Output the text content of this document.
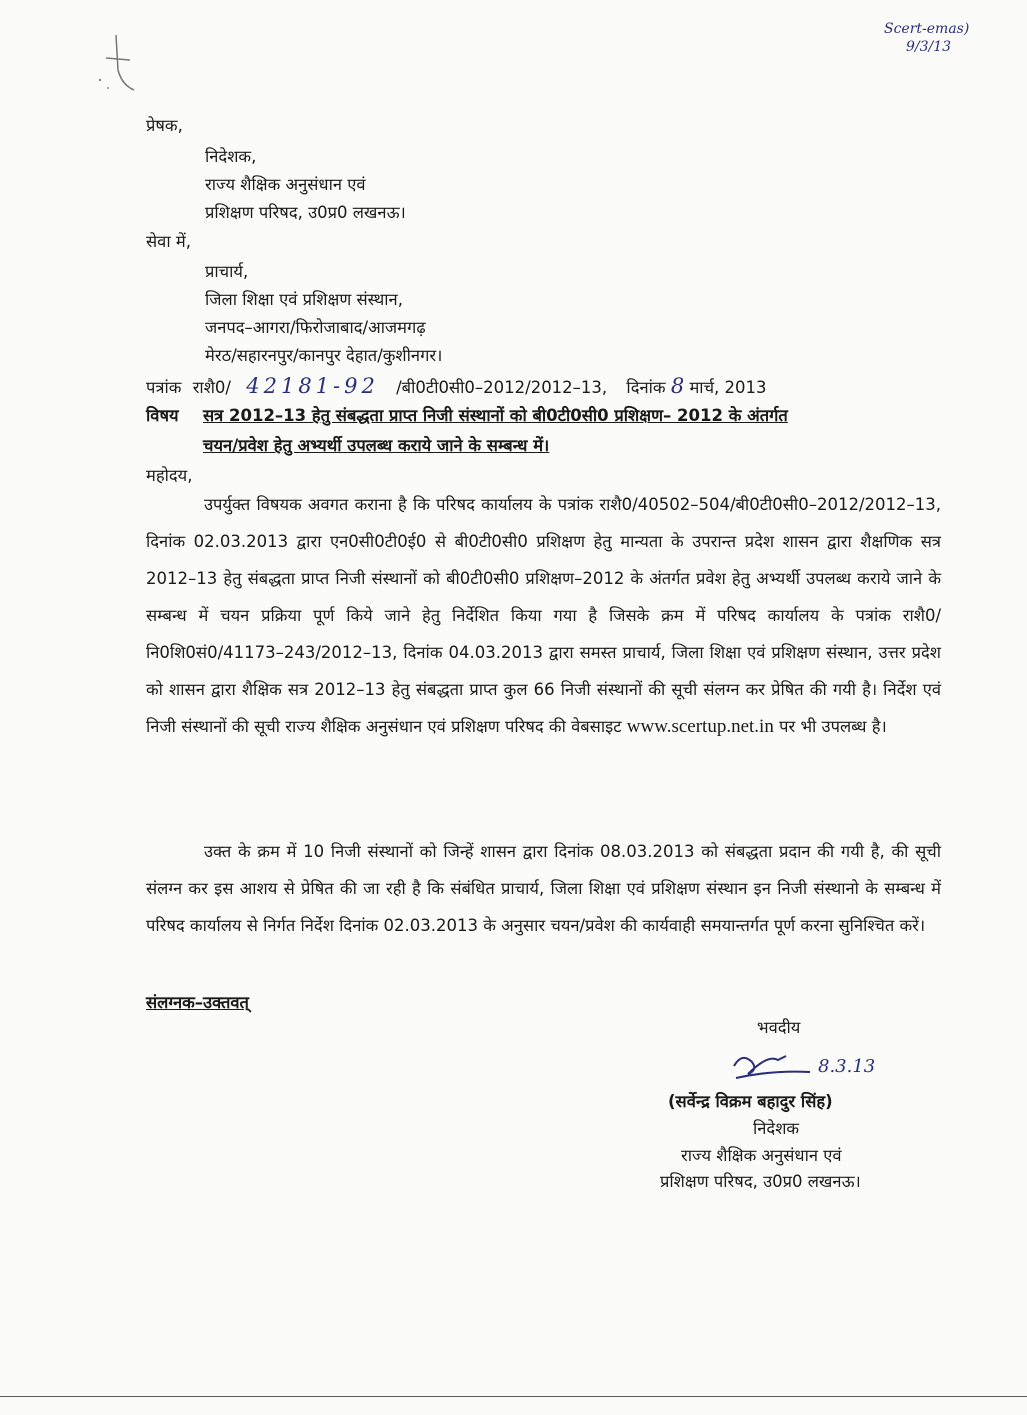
Scert-emas)
9/3/13
प्रेषक,
निदेशक,
राज्य शैक्षिक अनुसंधान एवं
प्रशिक्षण परिषद, उ0प्र0 लखनऊ।
सेवा में,
प्राचार्य,
जिला शिक्षा एवं प्रशिक्षण संस्थान,
जनपद–आगरा/फिरोजाबाद/आजमगढ़
मेरठ/सहारनपुर/कानपुर देहात/कुशीनगर।
पत्रांक राशै0/ 42181-92 /बी0टी0सी0–2012/2012–13, दिनांक 8 मार्च, 2013
विषय सत्र 2012–13 हेतु संबद्धता प्राप्त निजी संस्थानों को बी0टी0सी0 प्रशिक्षण– 2012 के अंतर्गत
चयन/प्रवेश हेतु अभ्यर्थी उपलब्ध कराये जाने के सम्बन्ध में।
महोदय,
उपर्युक्त विषयक अवगत कराना है कि परिषद कार्यालय के पत्रांक राशै0/40502–504/बी0टी0सी0–2012/2012–13, दिनांक 02.03.2013 द्वारा एन0सी0टी0ई0 से बी0टी0सी0 प्रशिक्षण हेतु मान्यता के उपरान्त प्रदेश शासन द्वारा शैक्षणिक सत्र 2012–13 हेतु संबद्धता प्राप्त निजी संस्थानों को बी0टी0सी0 प्रशिक्षण–2012 के अंतर्गत प्रवेश हेतु अभ्यर्थी उपलब्ध कराये जाने के सम्बन्ध में चयन प्रक्रिया पूर्ण किये जाने हेतु निर्देशित किया गया है जिसके क्रम में परिषद कार्यालय के पत्रांक राशै0/नि0शि0सं0/41173–243/2012–13, दिनांक 04.03.2013 द्वारा समस्त प्राचार्य, जिला शिक्षा एवं प्रशिक्षण संस्थान, उत्तर प्रदेश को शासन द्वारा शैक्षिक सत्र 2012–13 हेतु संबद्धता प्राप्त कुल 66 निजी संस्थानों की सूची संलग्न कर प्रेषित की गयी है। निर्देश एवं निजी संस्थानों की सूची राज्य शैक्षिक अनुसंधान एवं प्रशिक्षण परिषद की वेबसाइट www.scertup.net.in पर भी उपलब्ध है।
उक्त के क्रम में 10 निजी संस्थानों को जिन्हें शासन द्वारा दिनांक 08.03.2013 को संबद्धता प्रदान की गयी है, की सूची संलग्न कर इस आशय से प्रेषित की जा रही है कि संबंधित प्राचार्य, जिला शिक्षा एवं प्रशिक्षण संस्थान इन निजी संस्थानो के सम्बन्ध में परिषद कार्यालय से निर्गत निर्देश दिनांक 02.03.2013 के अनुसार चयन/प्रवेश की कार्यवाही समयान्तर्गत पूर्ण करना सुनिश्चित करें।
संलग्नक–उक्तवत्
भवदीय
8.3.13
(सर्वेन्द्र विक्रम बहादुर सिंह)
निदेशक
राज्य शैक्षिक अनुसंधान एवं
प्रशिक्षण परिषद, उ0प्र0 लखनऊ।
